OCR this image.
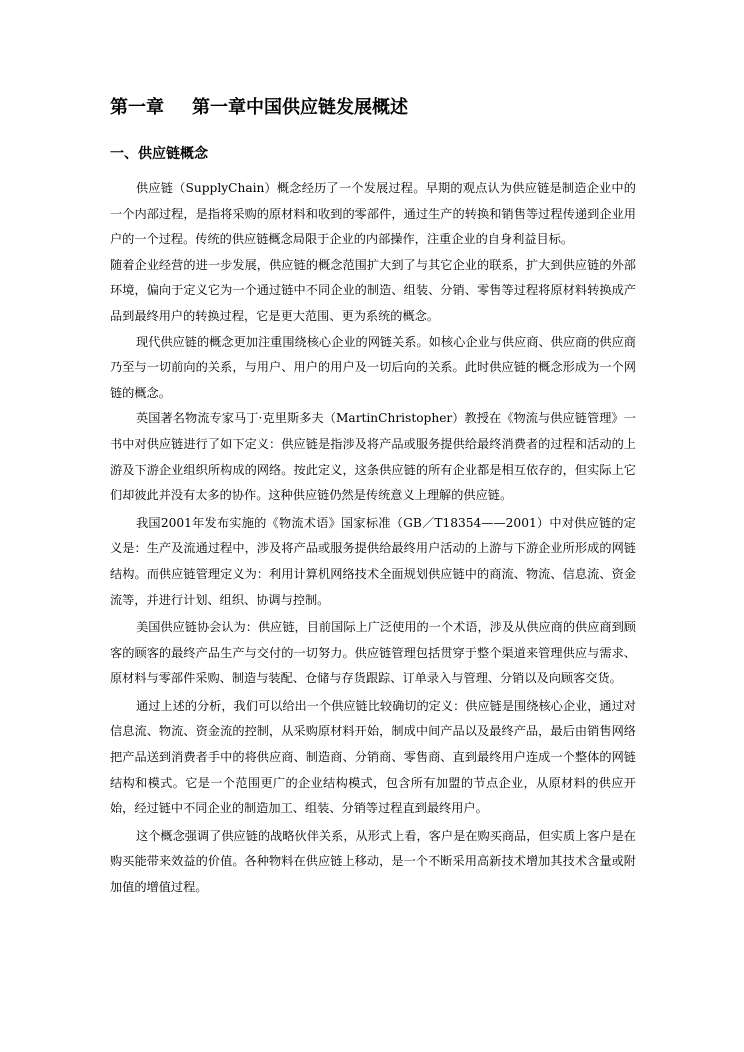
第一章 第一章中国供应链发展概述
一、供应链概念

供应链（SupplyChain）概念经历了一个发展过程。早期的观点认为供应链是制造企业中的一个内部过程，是指将采购的原材料和收到的零部件，通过生产的转换和销售等过程传递到企业用户的一个过程。传统的供应链概念局限于企业的内部操作，注重企业的自身利益目标。

随着企业经营的进一步发展，供应链的概念范围扩大到了与其它企业的联系，扩大到供应链的外部环境，偏向于定义它为一个通过链中不同企业的制造、组装、分销、零售等过程将原材料转换成产品到最终用户的转换过程，它是更大范围、更为系统的概念。

现代供应链的概念更加注重围绕核心企业的网链关系。如核心企业与供应商、供应商的供应商乃至与一切前向的关系，与用户、用户的用户及一切后向的关系。此时供应链的概念形成为一个网链的概念。

英国著名物流专家马丁·克里斯多夫（MartinChristopher）教授在《物流与供应链管理》一书中对供应链进行了如下定义：供应链是指涉及将产品或服务提供给最终消费者的过程和活动的上游及下游企业组织所构成的网络。按此定义，这条供应链的所有企业都是相互依存的，但实际上它们却彼此并没有太多的协作。这种供应链仍然是传统意义上理解的供应链。

我国2001年发布实施的《物流术语》国家标准（GB／T18354——2001）中对供应链的定义是：生产及流通过程中，涉及将产品或服务提供给最终用户活动的上游与下游企业所形成的网链结构。而供应链管理定义为：利用计算机网络技术全面规划供应链中的商流、物流、信息流、资金流等，并进行计划、组织、协调与控制。

美国供应链协会认为：供应链，目前国际上广泛使用的一个术语，涉及从供应商的供应商到顾客的顾客的最终产品生产与交付的一切努力。供应链管理包括贯穿于整个渠道来管理供应与需求、原材料与零部件采购、制造与装配、仓储与存货跟踪、订单录入与管理、分销以及向顾客交货。

通过上述的分析，我们可以给出一个供应链比较确切的定义：供应链是围绕核心企业，通过对信息流、物流、资金流的控制，从采购原材料开始，制成中间产品以及最终产品，最后由销售网络把产品送到消费者手中的将供应商、制造商、分销商、零售商、直到最终用户连成一个整体的网链结构和模式。它是一个范围更广的企业结构模式，包含所有加盟的节点企业，从原材料的供应开始，经过链中不同企业的制造加工、组装、分销等过程直到最终用户。

这个概念强调了供应链的战略伙伴关系，从形式上看，客户是在购买商品，但实质上客户是在购买能带来效益的价值。各种物料在供应链上移动，是一个不断采用高新技术增加其技术含量或附加值的增值过程。
